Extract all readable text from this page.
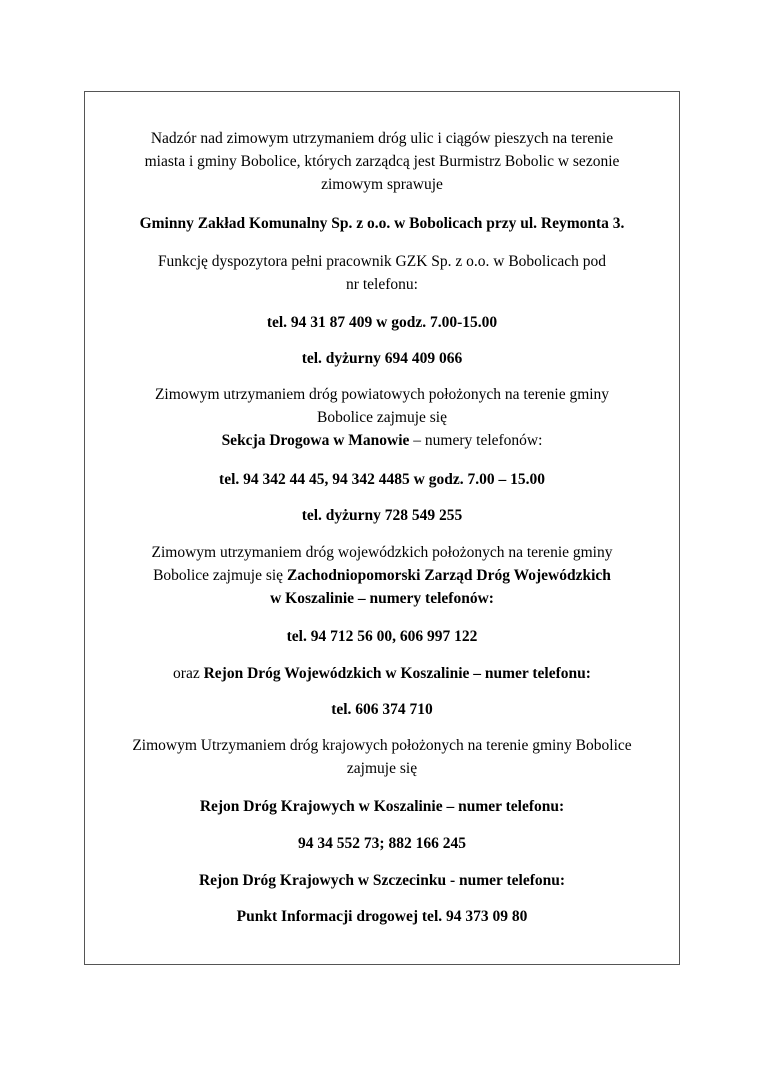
Nadzór nad zimowym utrzymaniem dróg ulic i ciągów pieszych na terenie
miasta i gminy Bobolice, których zarządcą jest Burmistrz Bobolic w sezonie
zimowym sprawuje
Gminny Zakład Komunalny Sp. z o.o. w Bobolicach przy ul. Reymonta 3.
Funkcję dyspozytora pełni pracownik GZK Sp. z o.o. w Bobolicach pod
nr telefonu:
tel. 94 31 87 409 w godz. 7.00-15.00
tel. dyżurny 694 409 066
Zimowym utrzymaniem dróg powiatowych położonych na terenie gminy
Bobolice zajmuje się
Sekcja Drogowa w Manowie – numery telefonów:
tel. 94 342 44 45, 94 342 4485 w godz. 7.00 – 15.00
tel. dyżurny 728 549 255
Zimowym utrzymaniem dróg wojewódzkich położonych na terenie gminy
Bobolice zajmuje się Zachodniopomorski Zarząd Dróg Wojewódzkich
w Koszalinie – numery telefonów:
tel. 94 712 56 00, 606 997 122
oraz Rejon Dróg Wojewódzkich w Koszalinie – numer telefonu:
tel. 606 374 710
Zimowym Utrzymaniem dróg krajowych położonych na terenie gminy Bobolice
zajmuje się
Rejon Dróg Krajowych w Koszalinie – numer telefonu:
94 34 552 73; 882 166 245
Rejon Dróg Krajowych w Szczecinku - numer telefonu:
Punkt Informacji drogowej tel. 94 373 09 80
